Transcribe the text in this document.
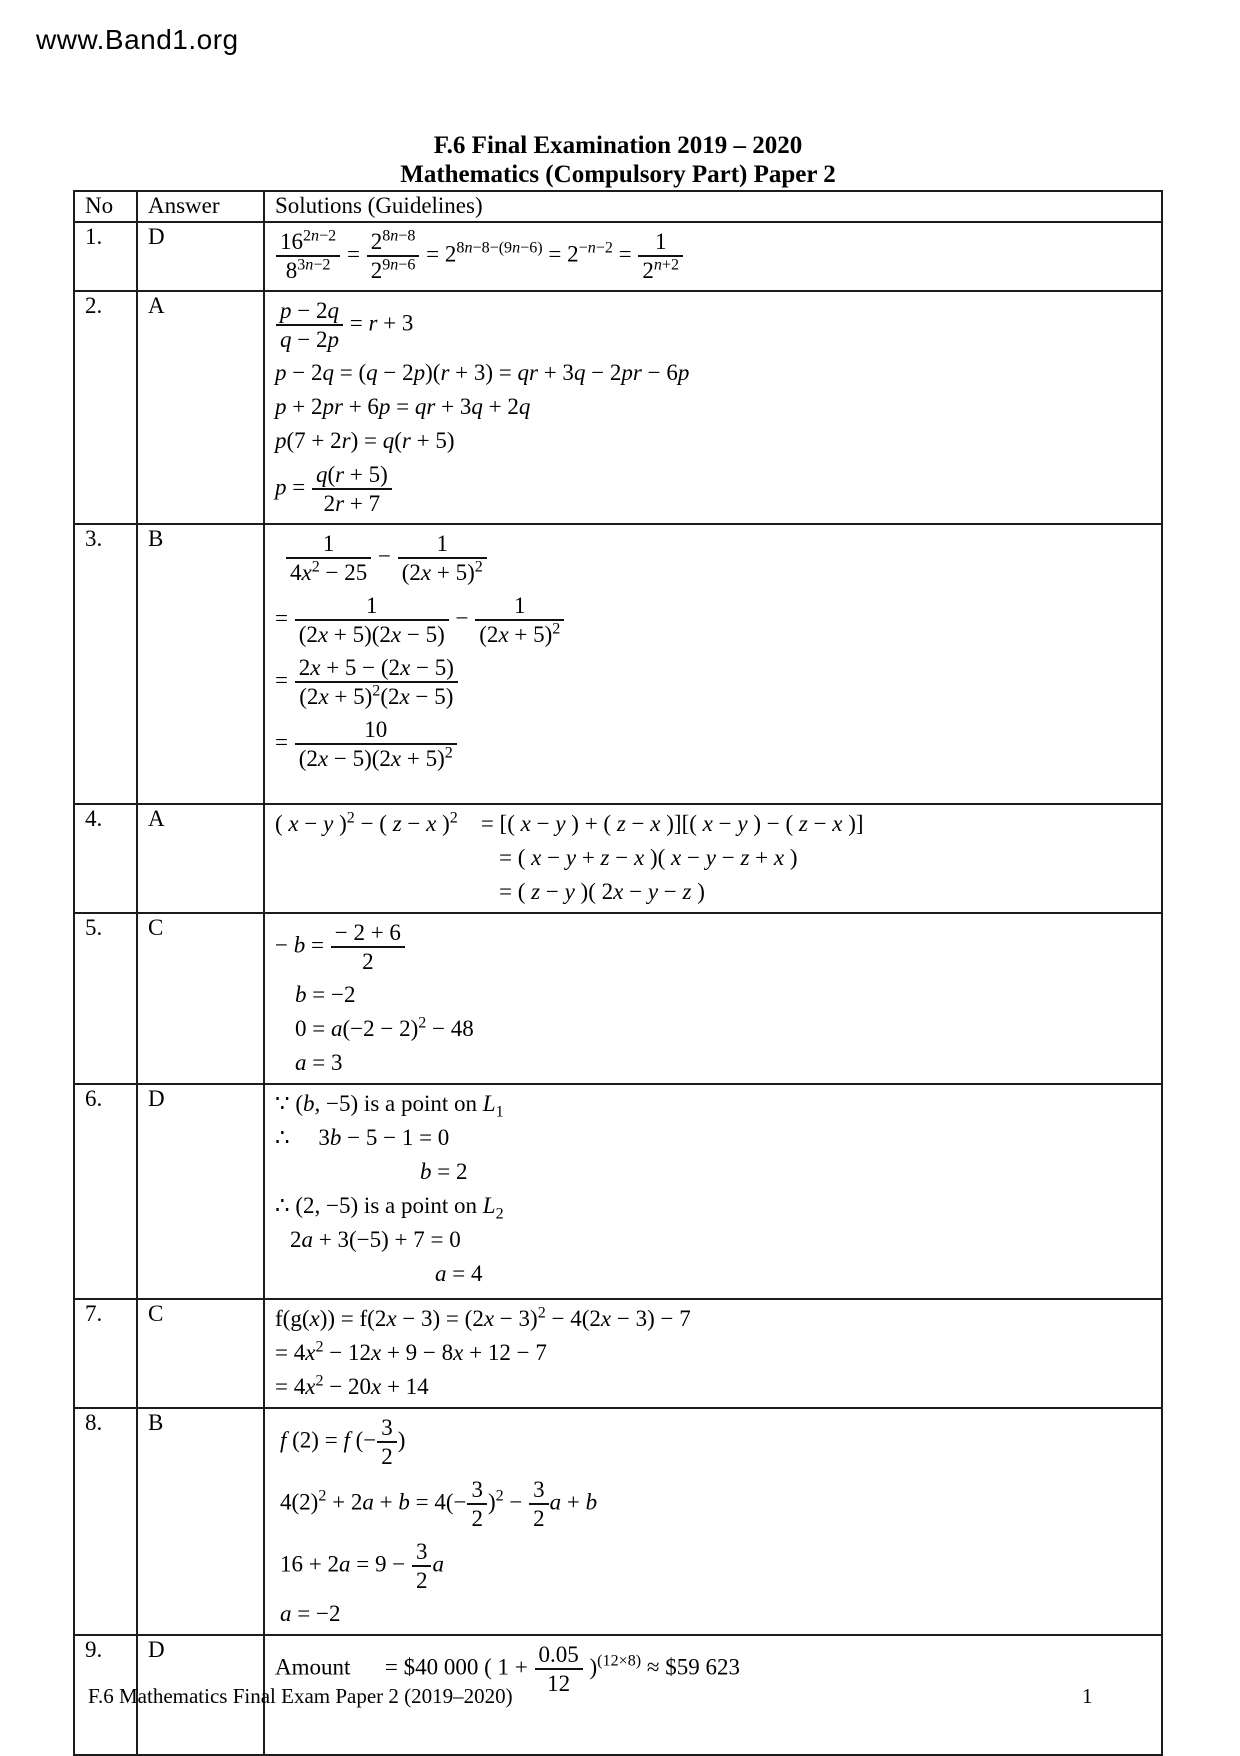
www.Band1.org
F.6 Final Examination 2019 – 2020
Mathematics (Compulsory Part) Paper 2
No	Answer	Solutions (Guidelines)
1.	D	$\frac{16^{2n-2}}{8^{3n-2}} = \frac{2^{8n-8}}{2^{9n-6}} = 2^{8n-8-(9n-6)} = 2^{-n-2} = \frac{1}{2^{n+2}}$

2.	A	$\frac{p - 2q}{q - 2p} = r + 3$
p − 2q = (q − 2p)(r + 3) = qr + 3q − 2pr − 6p
p + 2pr + 6p = qr + 3q + 2q
p(7 + 2r) = q(r + 5)
$p = \frac{q(r + 5)}{2r + 7}$

3.	B	$\frac{1}{4x^2 - 25} - \frac{1}{(2x + 5)^2}$
= $\frac{1}{(2x + 5)(2x - 5)} - \frac{1}{(2x + 5)^2}$
= $\frac{2x + 5 - (2x - 5)}{(2x + 5)^2(2x - 5)}$
= $\frac{10}{(2x - 5)(2x + 5)^2}$

4.	A	( x − y )$^2$ − ( z − x )$^2$    = [( x − y ) + ( z − x )][( x − y ) − ( z − x )]
= ( x − y + z − x )( x − y − z + x )
= ( z − y )( 2x − y − z )

5.	C	
− $b = \frac{- 2 + 6}{2}$
b = −2
$0 = a(-2 - 2)^2 - 48$
a = 3

6.	D	∵ (b, −5) is a point on $L_1$
∴     3b − 5 − 1 = 0
b = 2
∴ (2, −5) is a point on $L_2$
2a + 3(−5) + 7 = 0
a = 4

7.	C	$f(g(x)) = f(2x - 3) = (2x - 3)^2 - 4(2x - 3) - 7$
= $4x^2 - 12x + 9 - 8x + 12 - 7$
= $4x^2 - 20x + 14$

8.	B	
f (2) = f (− $\frac{3}{2}$ )
$4(2)^2 + 2a + b = 4(- \frac{3}{2} )^2 - \frac{3}{2}$ a + b
$16 + 2a = 9 - \frac{3}{2}$ a
a = −2

9.	D	Amount      = $40 000 ( $1 + \frac{0.05}{12} )^{(12\times 8)}$ ≈ $59 623
F.6 Mathematics Final Exam Paper 2 (2019–2020)	1
